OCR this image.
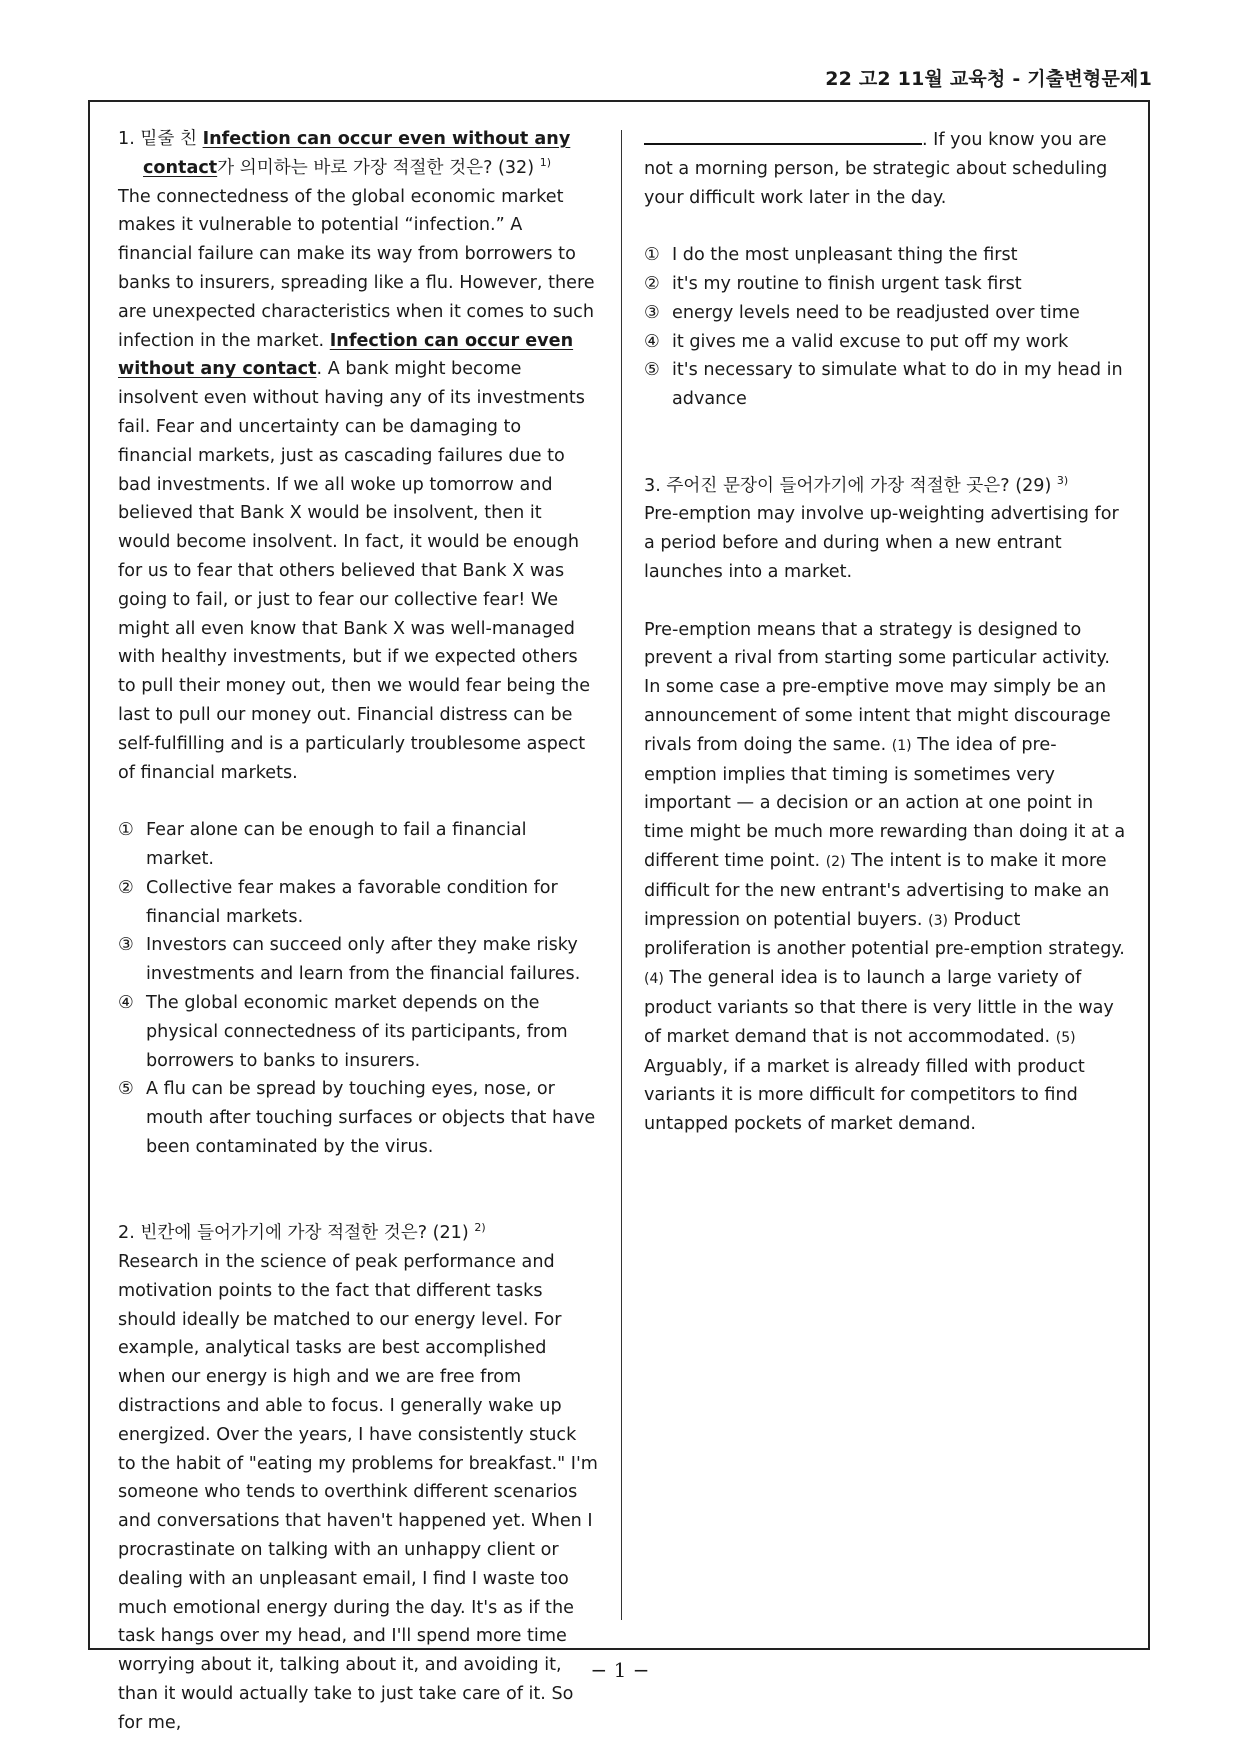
22 고2 11월 교육청 - 기출변형문제1

1. 밑줄 친 Infection can occur even without any contact가 의미하는 바로 가장 적절한 것은? (32) $^{1)}$

The connectedness of the global economic market makes it vulnerable to potential “infection.” A financial failure can make its way from borrowers to banks to insurers, spreading like a flu. However, there are unexpected characteristics when it comes to such infection in the market. Infection can occur even without any contact. A bank might become insolvent even without having any of its investments fail. Fear and uncertainty can be damaging to financial markets, just as cascading failures due to bad investments. If we all woke up tomorrow and believed that Bank X would be insolvent, then it would become insolvent. In fact, it would be enough for us to fear that others believed that Bank X was going to fail, or just to fear our collective fear! We might all even know that Bank X was well-managed with healthy investments, but if we expected others to pull their money out, then we would fear being the last to pull our money out. Financial distress can be self-fulfilling and is a particularly troublesome aspect of financial markets.

① Fear alone can be enough to fail a financial market.
② Collective fear makes a favorable condition for financial markets.
③ Investors can succeed only after they make risky investments and learn from the financial failures.
④ The global economic market depends on the physical connectedness of its participants, from borrowers to banks to insurers.
⑤ A flu can be spread by touching eyes, nose, or mouth after touching surfaces or objects that have been contaminated by the virus.

2. 빈칸에 들어가기에 가장 적절한 것은? (21) $^{2)}$

Research in the science of peak performance and motivation points to the fact that different tasks should ideally be matched to our energy level. For example, analytical tasks are best accomplished when our energy is high and we are free from distractions and able to focus. I generally wake up energized. Over the years, I have consistently stuck to the habit of "eating my problems for breakfast." I'm someone who tends to overthink different scenarios and conversations that haven't happened yet. When I procrastinate on talking with an unhappy client or dealing with an unpleasant email, I find I waste too much emotional energy during the day. It's as if the task hangs over my head, and I'll spend more time worrying about it, talking about it, and avoiding it, than it would actually take to just take care of it. So for me,

. If you know you are not a morning person, be strategic about scheduling your difficult work later in the day.

① I do the most unpleasant thing the first
② it's my routine to finish urgent task first
③ energy levels need to be readjusted over time
④ it gives me a valid excuse to put off my work
⑤ it's necessary to simulate what to do in my head in advance

3. 주어진 문장이 들어가기에 가장 적절한 곳은? (29) $^{3)}$

Pre-emption may involve up-weighting advertising for a period before and during when a new entrant launches into a market.

Pre-emption means that a strategy is designed to prevent a rival from starting some particular activity. In some case a pre-emptive move may simply be an announcement of some intent that might discourage rivals from doing the same. (1) The idea of pre-emption implies that timing is sometimes very important — a decision or an action at one point in time might be much more rewarding than doing it at a different time point. (2) The intent is to make it more difficult for the new entrant's advertising to make an impression on potential buyers. (3) Product proliferation is another potential pre-emption strategy. (4) The general idea is to launch a large variety of product variants so that there is very little in the way of market demand that is not accommodated. (5) Arguably, if a market is already filled with product variants it is more difficult for competitors to find untapped pockets of market demand.

− 1 −
